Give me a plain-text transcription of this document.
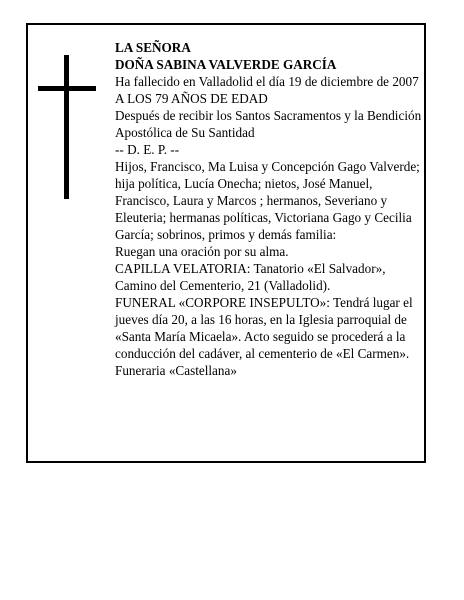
LA SEÑORA

DOÑA SABINA VALVERDE GARCÍA

Ha fallecido en Valladolid el día 19 de diciembre de 2007

A LOS 79 AÑOS DE EDAD

Después de recibir los Santos Sacramentos y la Bendición Apostólica de Su Santidad

-- D. E. P. --

Hijos, Francisco, Ma Luisa y Concepción Gago Valverde; hija política, Lucía Onecha; nietos, José Manuel, Francisco, Laura y Marcos ; hermanos, Severiano y Eleuteria; hermanas políticas, Victoriana Gago y Cecilia García; sobrinos, primos y demás familia:

Ruegan una oración por su alma.

CAPILLA VELATORIA: Tanatorio «El Salvador», Camino del Cementerio, 21 (Valladolid).

FUNERAL «CORPORE INSEPULTO»: Tendrá lugar el jueves día 20, a las 16 horas, en la Iglesia parroquial de «Santa María Micaela». Acto seguido se procederá a la conducción del cadáver, al cementerio de «El Carmen».

Funeraria «Castellana»
